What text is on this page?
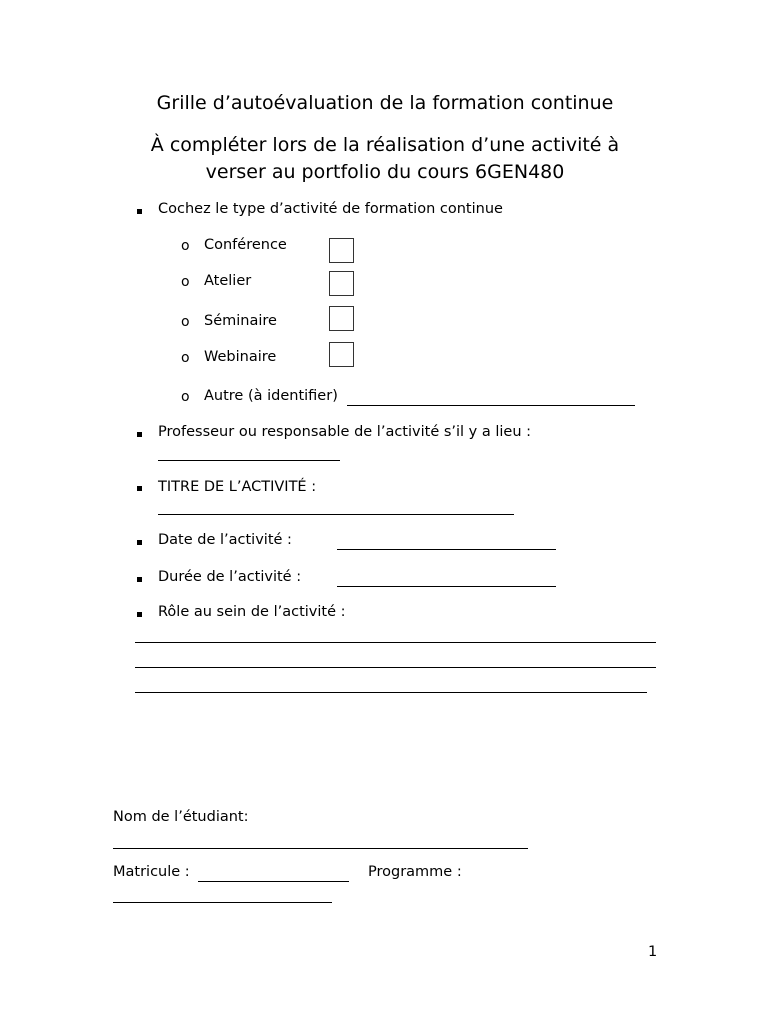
Grille d’autoévaluation de la formation continue
À compléter lors de la réalisation d’une activité à
verser au portfolio du cours 6GEN480
Cochez le type d’activité de formation continue
o Conférence
o Atelier
o Séminaire
o Webinaire
o Autre (à identifier)
Professeur ou responsable de l’activité s’il y a lieu :
TITRE DE L’ACTIVITÉ :
Date de l’activité :
Durée de l’activité :
Rôle au sein de l’activité :
Nom de l’étudiant:
Matricule :	Programme :
1
